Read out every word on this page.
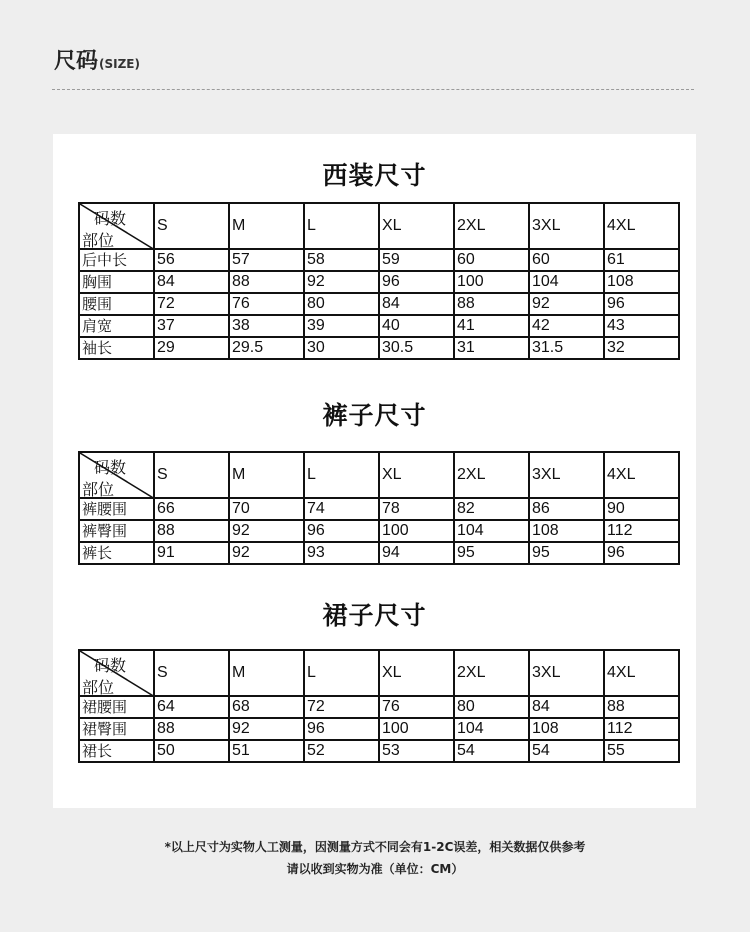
尺码 (SIZE)
西装尺寸
码数
部位	S	M	L	XL	2XL	3XL	4XL
后中长	56	57	58	59	60	60	61
胸围	84	88	92	96	100	104	108
腰围	72	76	80	84	88	92	96
肩宽	37	38	39	40	41	42	43
袖长	29	29.5	30	30.5	31	31.5	32
裤子尺寸
码数
部位	S	M	L	XL	2XL	3XL	4XL
裤腰围	66	70	74	78	82	86	90
裤臀围	88	92	96	100	104	108	112
裤长	91	92	93	94	95	95	96
裙子尺寸
码数
部位	S	M	L	XL	2XL	3XL	4XL
裙腰围	64	68	72	76	80	84	88
裙臀围	88	92	96	100	104	108	112
裙长	50	51	52	53	54	54	55
*以上尺寸为实物人工测量，因测量方式不同会有1-2C误差，相关数据仅供参考
请以收到实物为准（单位：CM）
